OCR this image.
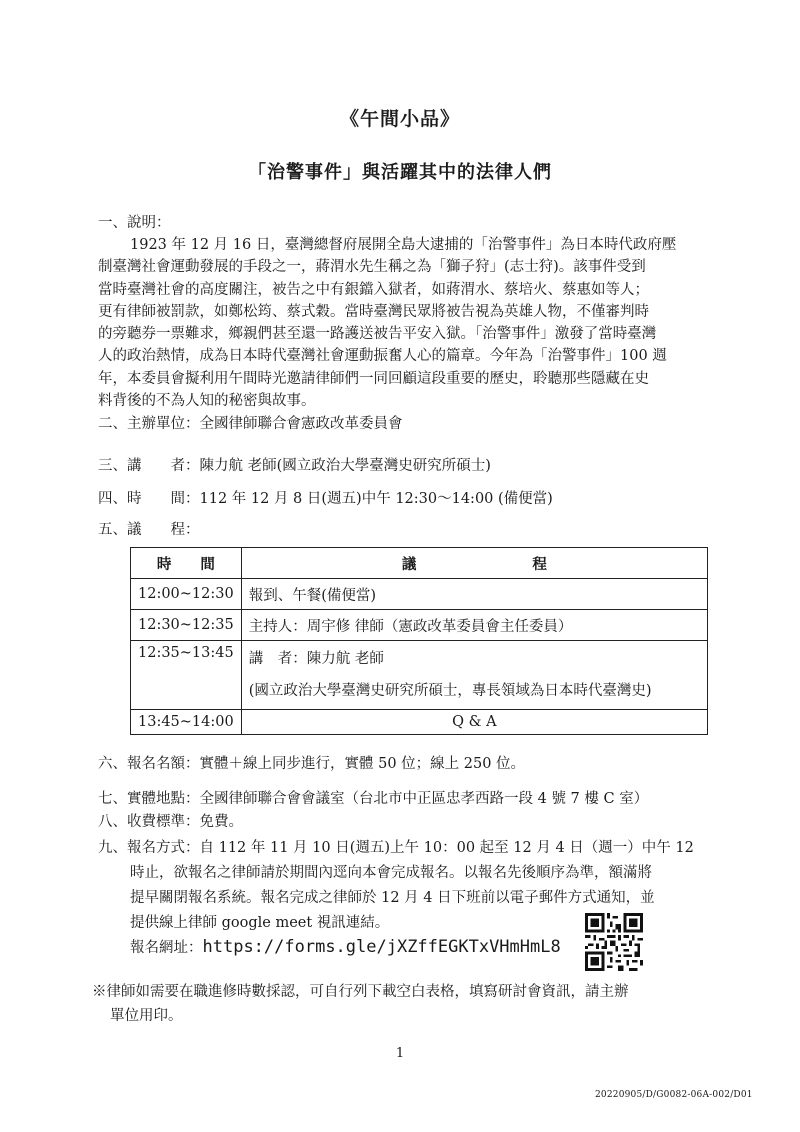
《午間小品》
「治警事件」與活躍其中的法律人們
一、說明：
1923 年 12 月 16 日，臺灣總督府展開全島大逮捕的「治警事件」為日本時代政府壓
制臺灣社會運動發展的手段之一，蔣渭水先生稱之為「獅子狩」(志士狩)。該事件受到
當時臺灣社會的高度關注，被告之中有銀鐺入獄者，如蔣渭水、蔡培火、蔡惠如等人；
更有律師被罰款，如鄭松筠、蔡式穀。當時臺灣民眾將被告視為英雄人物，不僅審判時
的旁聽券一票難求，鄉親們甚至還一路護送被告平安入獄。「治警事件」激發了當時臺灣
人的政治熱情，成為日本時代臺灣社會運動振奮人心的篇章。今年為「治警事件」100 週
年，本委員會擬利用午間時光邀請律師們一同回顧這段重要的歷史，聆聽那些隱藏在史
料背後的不為人知的秘密與故事。
二、主辦單位：全國律師聯合會憲政改革委員會
三、講　　者：陳力航 老師(國立政治大學臺灣史研究所碩士)
四、時　　間：112 年 12 月 8 日(週五)中午 12:30～14:00 (備便當)
五、議　　程：
時　　間	議　　　　　　　　程
12:00~12:30	報到、午餐(備便當)
12:30~12:35	主持人：周宇修 律師（憲政改革委員會主任委員）
12:35~13:45	講　者：陳力航 老師
(國立政治大學臺灣史研究所碩士，專長領域為日本時代臺灣史)

13:45~14:00	Q & A
六、報名名額：實體＋線上同步進行，實體 50 位；線上 250 位。
七、實體地點：全國律師聯合會會議室（台北市中正區忠孝西路一段 4 號 7 樓 C 室）
八、收費標準：免費。
九、報名方式：自 112 年 11 月 10 日(週五)上午 10：00 起至 12 月 4 日（週一）中午 12
時止，欲報名之律師請於期間內逕向本會完成報名。以報名先後順序為準，額滿將
提早關閉報名系統。報名完成之律師於 12 月 4 日下班前以電子郵件方式通知，並
提供線上律師 google meet 視訊連結。
報名網址：https://forms.gle/jXZffEGKTxVHmHmL8
※律師如需要在職進修時數採認，可自行列下載空白表格，填寫研討會資訊，請主辦
單位用印。
1
20220905/D/G0082-06A-002/D01
